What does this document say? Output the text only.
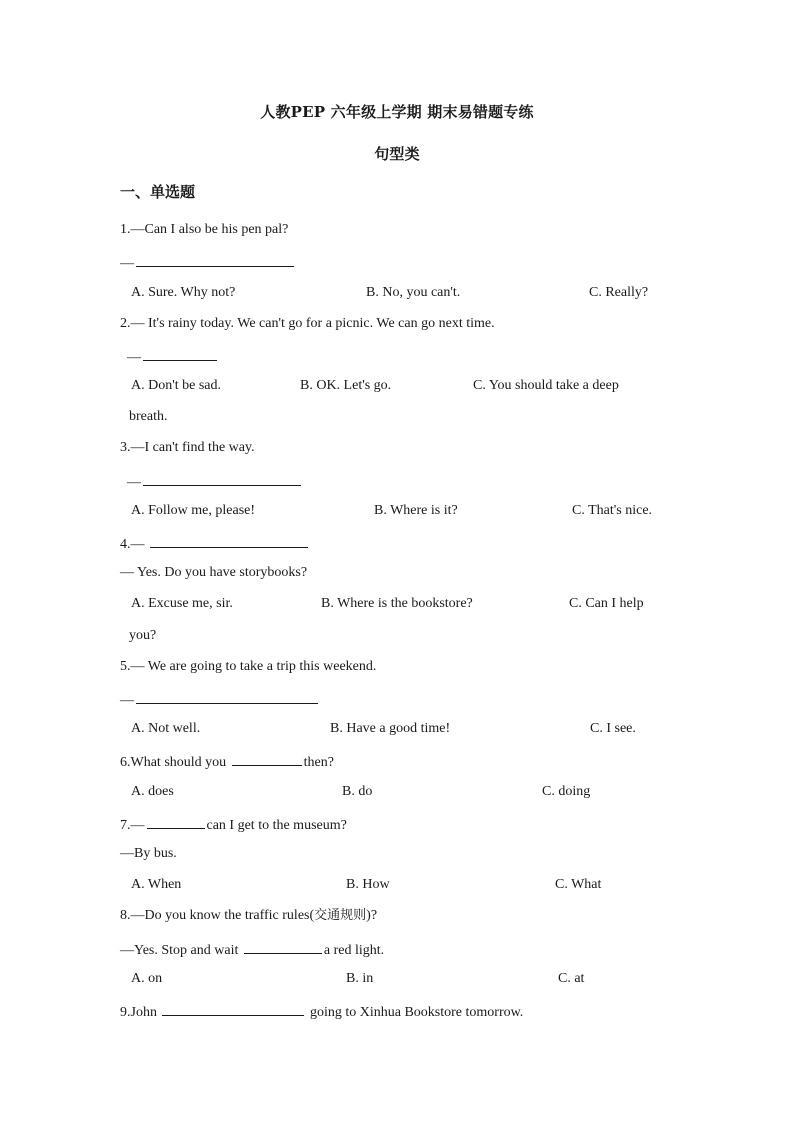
人教PEP 六年级上学期 期末易错题专练
句型类
一、单选题
1.—Can I also be his pen pal?
—
A. Sure. Why not?	B. No, you can't.	C. Really?
2.— It's rainy today. We can't go for a picnic. We can go next time.
—
A. Don't be sad.	B. OK. Let's go.	C. You should take a deep
breath.
3.—I can't find the way.
—
A. Follow me, please!	B. Where is it?	C. That's nice.
4.—
— Yes. Do you have storybooks?
A. Excuse me, sir.	B. Where is the bookstore?	C. Can I help
you?
5.— We are going to take a trip this weekend.
—
A. Not well.	B. Have a good time!	C. I see.
6.What should you	then?
A. does	B. do	C. doing
7.—	can I get to the museum?
—By bus.
A. When	B. How	C. What
8.—Do you know the traffic rules(交通规则)?
—Yes. Stop and wait	a red light.
A. on	B. in	C. at
9.John	going to Xinhua Bookstore tomorrow.
